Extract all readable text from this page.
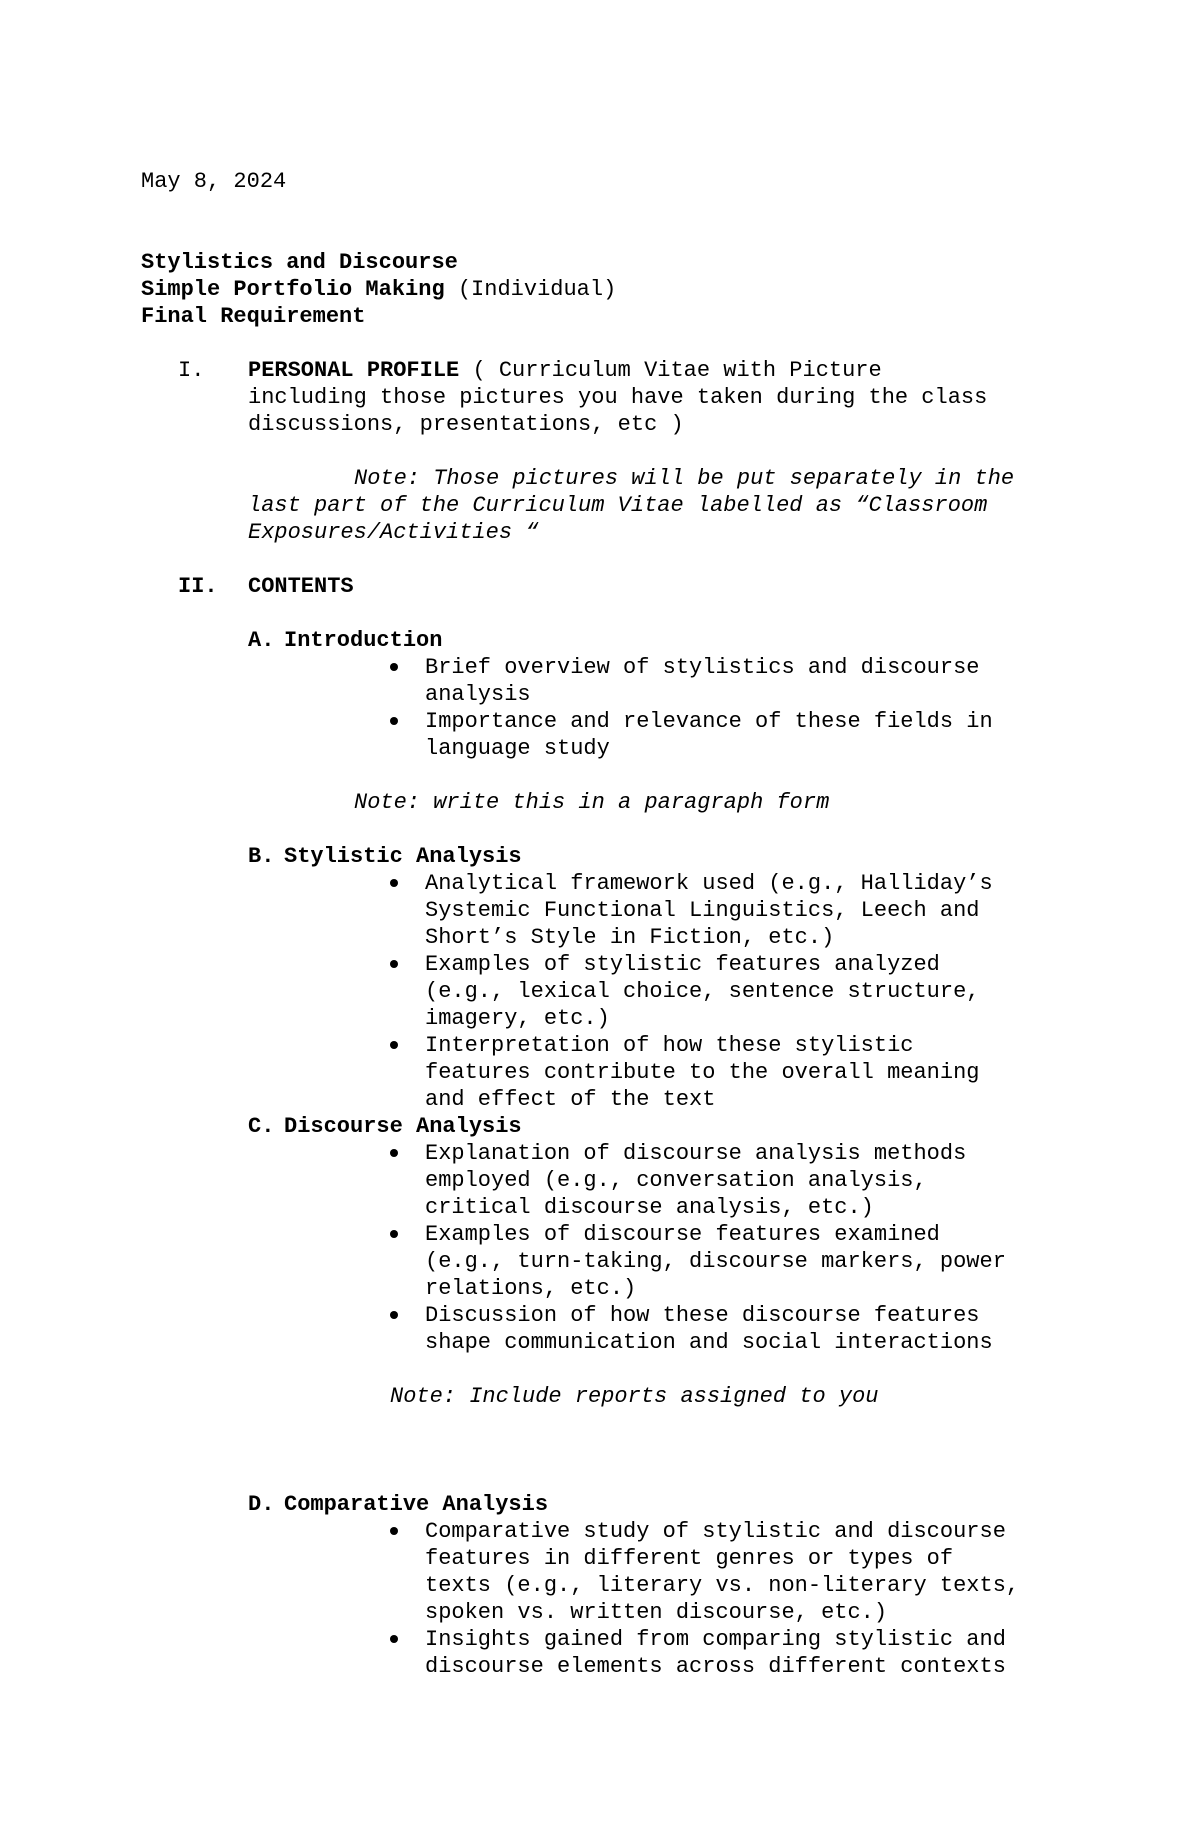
May 8, 2024
Stylistics and Discourse
Simple Portfolio Making (Individual)
Final Requirement
I. PERSONAL PROFILE ( Curriculum Vitae with Picture
including those pictures you have taken during the class
discussions, presentations, etc )
Note: Those pictures will be put separately in the
last part of the Curriculum Vitae labelled as “Classroom
Exposures/Activities “
II. CONTENTS
A. Introduction
Brief overview of stylistics and discourse
analysis
Importance and relevance of these fields in
language study
Note: write this in a paragraph form
B. Stylistic Analysis
Analytical framework used (e.g., Halliday’s
Systemic Functional Linguistics, Leech and
Short’s Style in Fiction, etc.)
Examples of stylistic features analyzed
(e.g., lexical choice, sentence structure,
imagery, etc.)
Interpretation of how these stylistic
features contribute to the overall meaning
and effect of the text
C. Discourse Analysis
Explanation of discourse analysis methods
employed (e.g., conversation analysis,
critical discourse analysis, etc.)
Examples of discourse features examined
(e.g., turn-taking, discourse markers, power
relations, etc.)
Discussion of how these discourse features
shape communication and social interactions
Note: Include reports assigned to you
D. Comparative Analysis
Comparative study of stylistic and discourse
features in different genres or types of
texts (e.g., literary vs. non-literary texts,
spoken vs. written discourse, etc.)
Insights gained from comparing stylistic and
discourse elements across different contexts
